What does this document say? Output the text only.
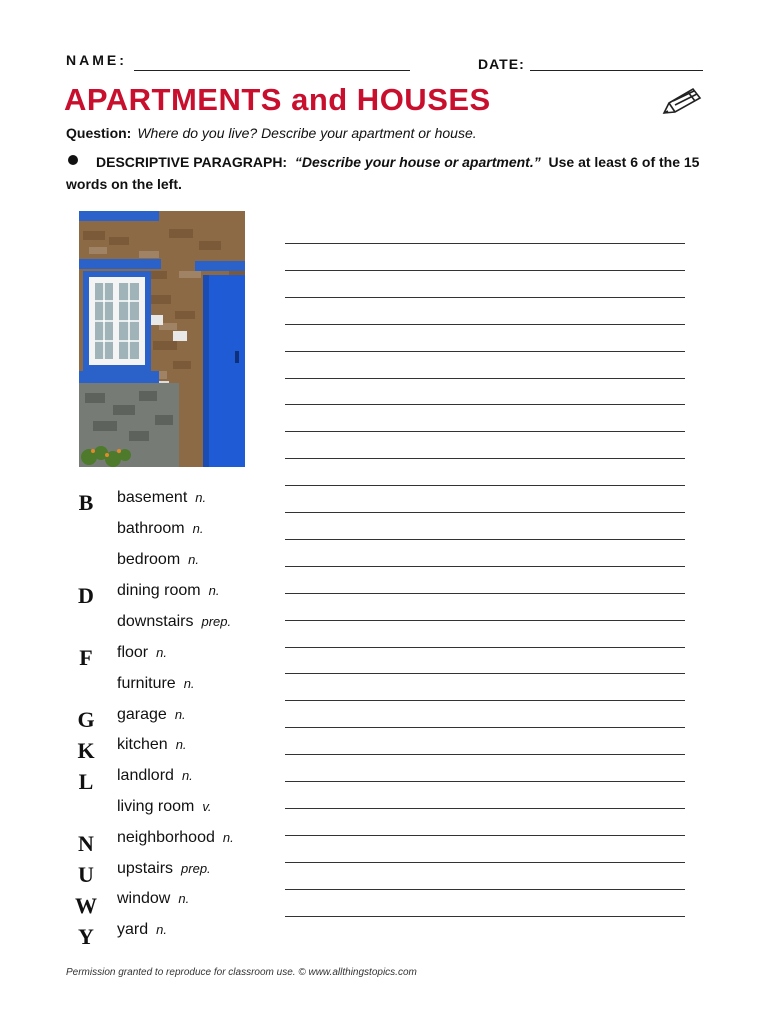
NAME:	DATE:
APARTMENTS and HOUSES
Question: Where do you live? Describe your apartment or house.
DESCRIPTIVE PARAGRAPH: “Describe your house or apartment.” Use at least 6 of the 15 words on the left.
B basement n.
bathroom n.
bedroom n.
D dining room n.
downstairs prep.
F	floor n.
furniture n.
G garage n.
K kitchen n.
L landlord n.
living room v.
N neighborhood n.
U upstairs prep.
W window n.
Y yard n.
Permission granted to reproduce for classroom use. © www.allthingstopics.com
